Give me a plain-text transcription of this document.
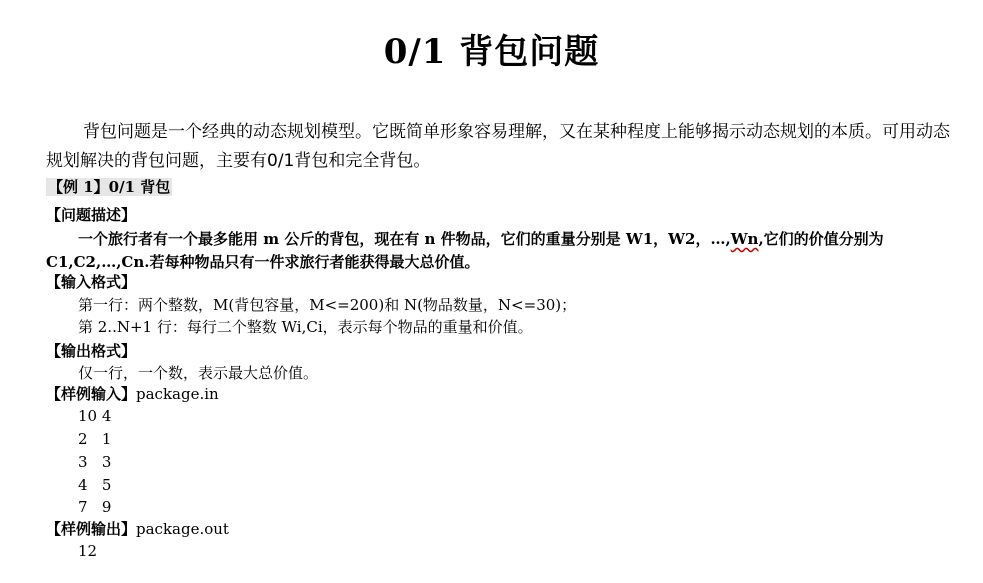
0/1 背包问题
背包问题是一个经典的动态规划模型。它既简单形象容易理解，又在某种程度上能够揭示动态规划的本质。可用动态规划解决的背包问题，主要有0/1背包和完全背包。
【例 1】0/1 背包
【问题描述】
一个旅行者有一个最多能用 m 公斤的背包，现在有 n 件物品，它们的重量分别是 W1，W2，…,Wn,它们的价值分别为 C1,C2,…,Cn.若每种物品只有一件求旅行者能获得最大总价值。
【输入格式】
第一行：两个整数，M(背包容量，M<=200)和 N(物品数量，N<=30)；
第 2..N+1 行：每行二个整数 Wi,Ci，表示每个物品的重量和价值。
【输出格式】
仅一行，一个数，表示最大总价值。
【样例输入】package.in
10 4
2   1
3   3
4   5
7   9
【样例输出】package.out
12
